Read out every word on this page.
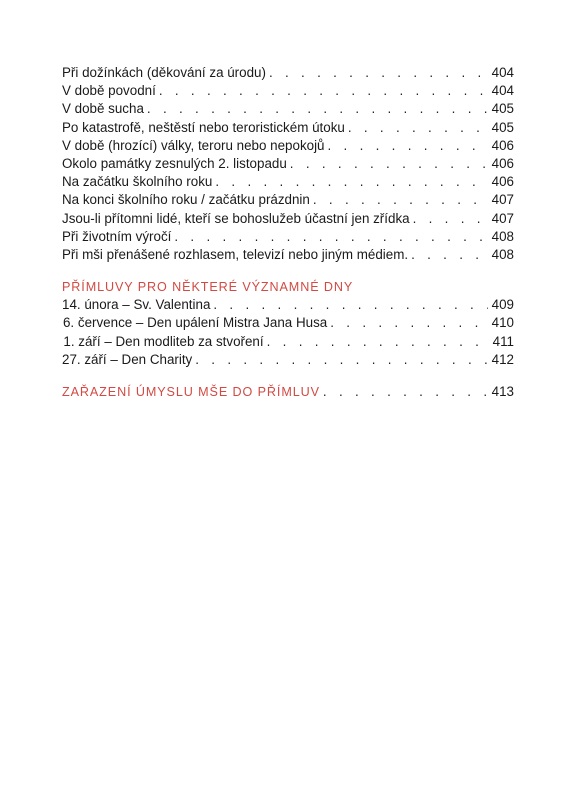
Při dožínkách (děkování za úrodu) . . .	404
V době povodní . . .	404
V době sucha . . .	405
Po katastrofě, neštěstí nebo teroristickém útoku . . .	405
V době (hrozící) války, teroru nebo nepokojů . . .	406
Okolo památky zesnulých 2. listopadu . . .	406
Na začátku školního roku . . .	406
Na konci školního roku / začátku prázdnin . . .	407
Jsou-li přítomni lidé, kteří se bohoslužeb účastní jen zřídka . . .	407
Při životním výročí . . .	408
Při mši přenášené rozhlasem, televizí nebo jiným médiem. . . .	408
PŘÍMLUVY PRO NĚKTERÉ VÝZNAMNÉ DNY
14. února – Sv. Valentina . . .	409
6. července – Den upálení Mistra Jana Husa . . .	410
1. září – Den modliteb za stvoření . . .	411
27. září – Den Charity . . .	412
ZAŘAZENÍ ÚMYSLU MŠE DO PŘÍMLUV . . .	413
